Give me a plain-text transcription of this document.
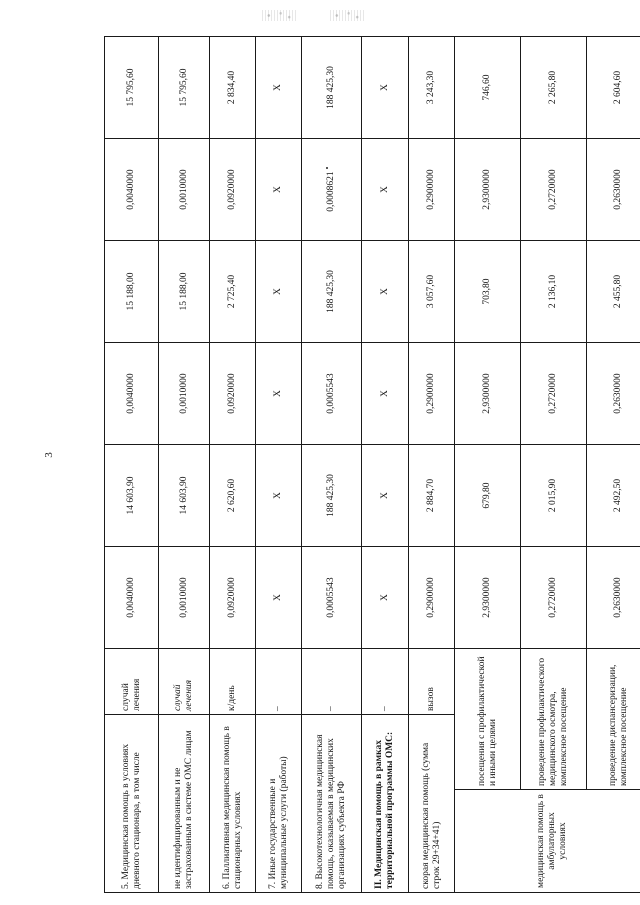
3
5. Медицинская помощь в условиях дневного стационара, в том числе		случай лечения	0,0040000	14 603,90	0,0040000	15 188,00	0,0040000	15 795,60
не идентифицированным и не застрахованным в системе ОМС лицам		случай лечения	0,0010000	14 603,90	0,0010000	15 188,00	0,0010000	15 795,60
6. Паллиативная медицинская помощь в стационарных условиях		к/день	0,0920000	2 620,60	0,0920000	2 725,40	0,0920000	2 834,40
7. Иные государственные и муниципальные услуги (работы)		–	X	X	X	X	X	X
8. Высокотехнологичная медицинская помощь, оказываемая в медицинских организациях субъекта РФ		–	0,0005543	188 425,30	0,0005543	188 425,30	0,0008621	188 425,30
II. Медицинская помощь в рамках территориальной программы ОМС:		–	X	X	X	X	X	X
скорая медицинская помощь (сумма строк 29+34+41)		вызов	0,2900000	2 884,70	0,2900000	3 057,60	0,2900000	3 243,30
медицинская помощь в амбулаторных условиях	посещения с профилактической и иными целями		2,9300000	679,80	2,9300000	703,80	2,9300000	746,60
	проведение профилактического медицинского осмотра, комплексное посещение		0,2720000	2 015,90	0,2720000	2 136,10	0,2720000	2 265,80
	проведение диспансеризации, комплексное посещение		0,2630000	2 492,50	0,2630000	2 455,80	0,2630000	2 604,60
